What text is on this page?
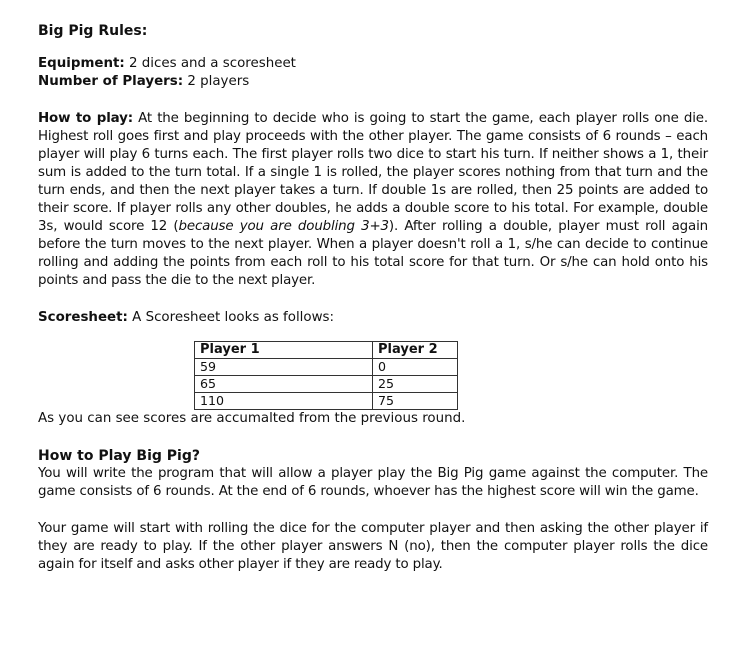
Big Pig Rules:

Equipment: 2 dices and a scoresheet

Number of Players: 2 players

How to play: At the beginning to decide who is going to start the game, each player rolls one die. Highest roll goes first and play proceeds with the other player. The game consists of 6 rounds – each player will play 6 turns each. The first player rolls two dice to start his turn. If neither shows a 1, their sum is added to the turn total. If a single 1 is rolled, the player scores nothing from that turn and the turn ends, and then the next player takes a turn. If double 1s are rolled, then 25 points are added to their score. If player rolls any other doubles, he adds a double score to his total. For example, double 3s, would score 12 (because you are doubling 3+3). After rolling a double, player must roll again before the turn moves to the next player. When a player doesn't roll a 1, s/he can decide to continue rolling and adding the points from each roll to his total score for that turn. Or s/he can hold onto his points and pass the die to the next player.

Scoresheet: A Scoresheet looks as follows:

Player 1	Player 2
59	0
65	25
110	75

As you can see scores are accumalted from the previous round.

How to Play Big Pig?

You will write the program that will allow a player play the Big Pig game against the computer. The game consists of 6 rounds. At the end of 6 rounds, whoever has the highest score will win the game.

Your game will start with rolling the dice for the computer player and then asking the other player if they are ready to play. If the other player answers N (no), then the computer player rolls the dice again for itself and asks other player if they are ready to play.
